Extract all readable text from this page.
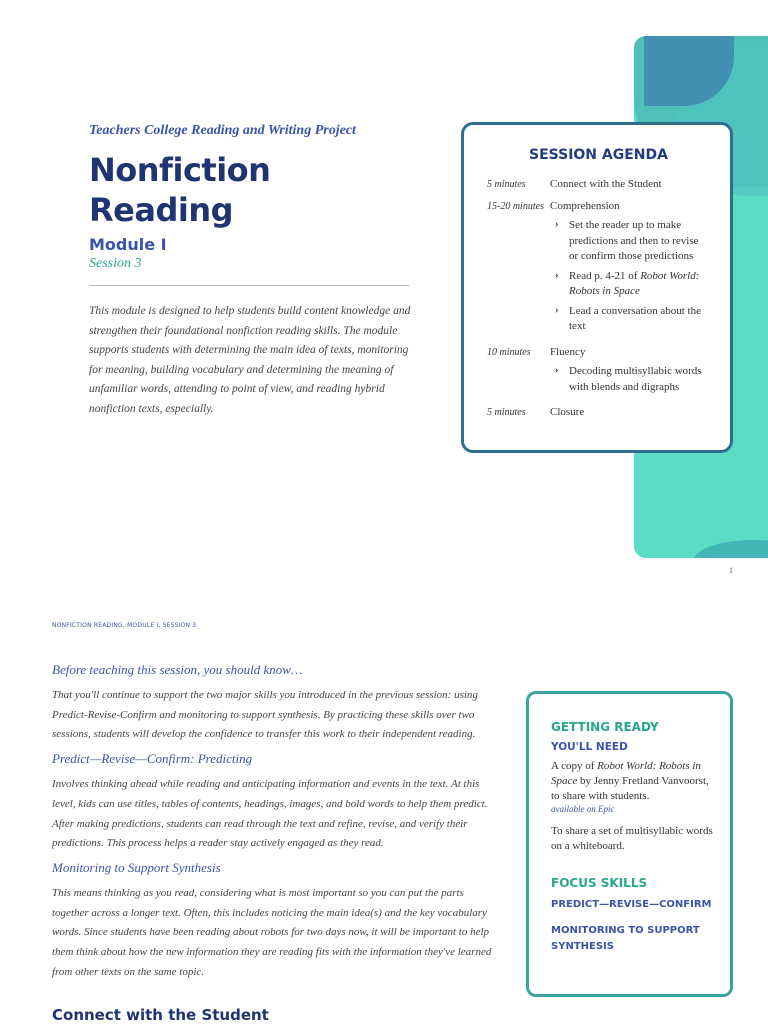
Teachers College Reading and Writing Project
Nonfiction Reading
Module I
Session 3
This module is designed to help students build content knowledge and strengthen their foundational nonfiction reading skills. The module supports students with determining the main idea of texts, monitoring for meaning, building vocabulary and determining the meaning of unfamiliar words, attending to point of view, and reading hybrid nonfiction texts, especially.
SESSION AGENDA
5 minutes	Connect with the Student
15-20 minutes Comprehension
› Set the reader up to make predictions and then to revise or confirm those predictions
› Read p. 4-21 of Robot World: Robots in Space
› Lead a conversation about the text
10 minutes	Fluency
› Decoding multisyllabic words with blends and digraphs
5 minutes	Closure
1
NONFICTION READING, MODULE I, SESSION 3
Before teaching this session, you should know…

That you'll continue to support the two major skills you introduced in the previous session: using Predict-Revise-Confirm and monitoring to support synthesis. By practicing these skills over two sessions, students will develop the confidence to transfer this work to their independent reading.

Predict—Revise—Confirm: Predicting

Involves thinking ahead while reading and anticipating information and events in the text. At this level, kids can use titles, tables of contents, headings, images, and bold words to help them predict. After making predictions, students can read through the text and refine, revise, and verify their predictions. This process helps a reader stay actively engaged as they read.

Monitoring to Support Synthesis

This means thinking as you read, considering what is most important so you can put the parts together across a longer text. Often, this includes noticing the main idea(s) and the key vocabulary words. Since students have been reading about robots for two days now, it will be important to help them think about how the new information they are reading fits with the information they've learned from other texts on the same topic.

Connect with the Student
GETTING READY
YOU'LL NEED
A copy of Robot World: Robots in Space by Jenny Fretland Vanvoorst, to share with students.
available on Epic
To share a set of multisyllabic words on a whiteboard.
FOCUS SKILLS
PREDICT—REVISE—CONFIRM
MONITORING TO SUPPORT SYNTHESIS
